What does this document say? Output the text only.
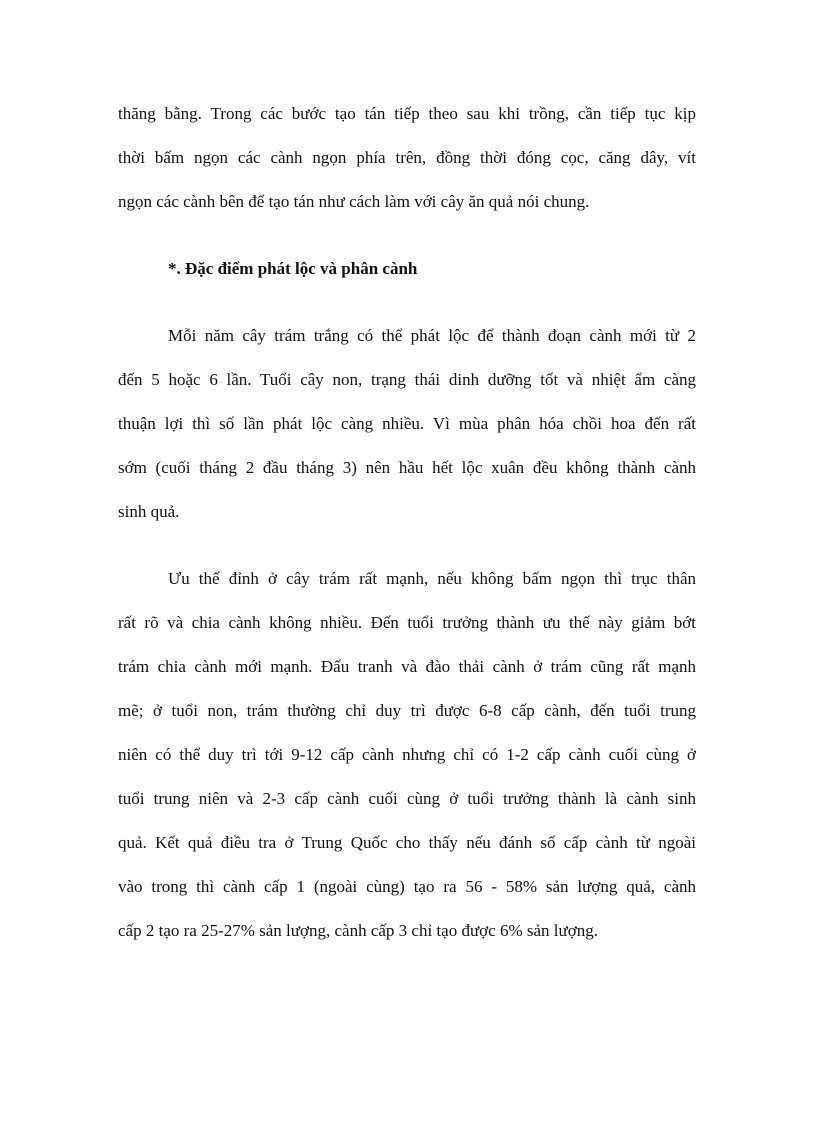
thăng bằng. Trong các bước tạo tán tiếp theo sau khi trồng, cần tiếp tục kịp
thời bấm ngọn các cành ngọn phía trên, đồng thời đóng cọc, căng dây, vít
ngọn các cành bên để tạo tán như cách làm với cây ăn quả nói chung.
*. Đặc điểm phát lộc và phân cành
Mỗi năm cây trám trắng có thể phát lộc để thành đoạn cành mới từ 2
đến 5 hoặc 6 lần. Tuổi cây non, trạng thái dinh dưỡng tốt và nhiệt ẩm càng
thuận lợi thì số lần phát lộc càng nhiều. Vì mùa phân hóa chồi hoa đến rất
sớm (cuối tháng 2 đầu tháng 3) nên hầu hết lộc xuân đều không thành cành
sinh quả.
Ưu thế đỉnh ở cây trám rất mạnh, nếu không bấm ngọn thì trục thân
rất rõ và chia cành không nhiều. Đến tuổi trưởng thành ưu thế này giảm bớt
trám chia cành mới mạnh. Đấu tranh và đào thải cành ở trám cũng rất mạnh
mẽ; ở tuổi non, trám thường chỉ duy trì được 6-8 cấp cành, đến tuổi trung
niên có thể duy trì tới 9-12 cấp cành nhưng chỉ có 1-2 cấp cành cuối cùng ở
tuổi trung niên và 2-3 cấp cành cuối cùng ở tuổi trưởng thành là cành sinh
quả. Kết quả điều tra ở Trung Quốc cho thấy nếu đánh số cấp cành từ ngoài
vào trong thì cành cấp 1 (ngoài cùng) tạo ra 56 - 58% sản lượng quả, cành
cấp 2 tạo ra 25-27% sản lượng, cành cấp 3 chỉ tạo được 6% sản lượng.
